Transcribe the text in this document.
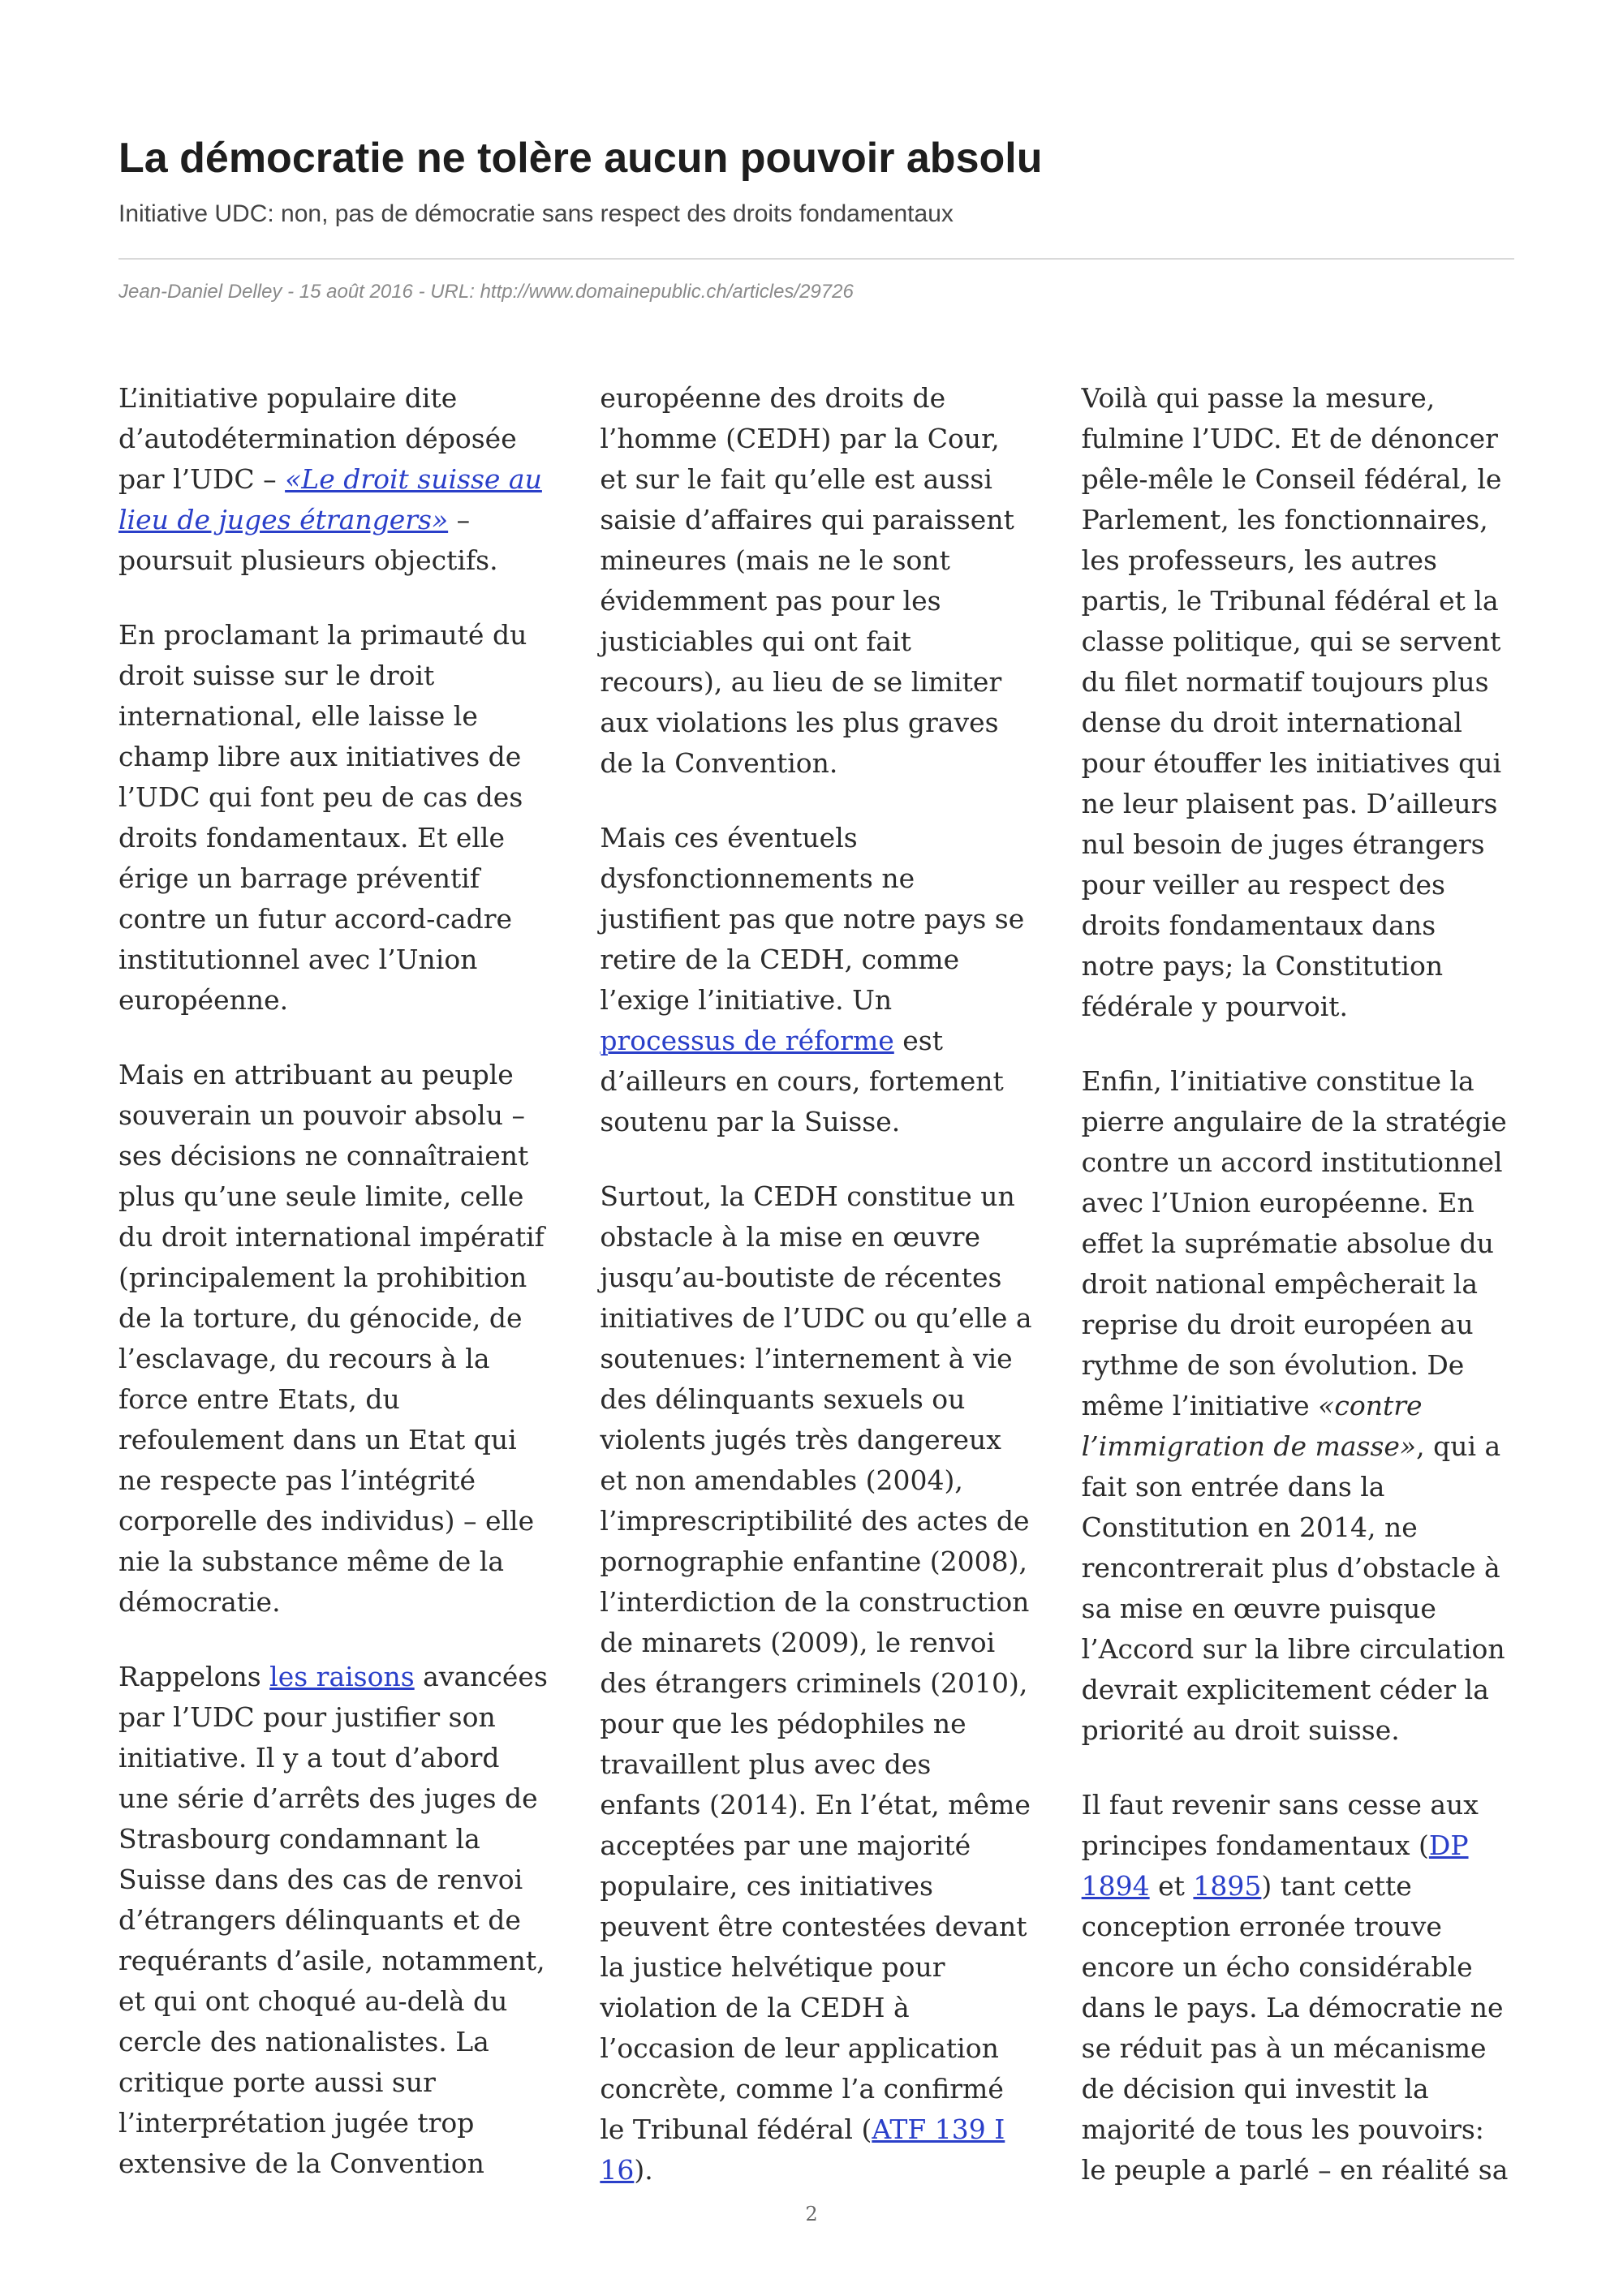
La démocratie ne tolère aucun pouvoir absolu
Initiative UDC: non, pas de démocratie sans respect des droits fondamentaux
Jean-Daniel Delley - 15 août 2016 - URL: http://www.domainepublic.ch/articles/29726

L’initiative populaire dite d’autodétermination déposée par l’UDC – «Le droit suisse au lieu de juges étrangers» – poursuit plusieurs objectifs.

En proclamant la primauté du droit suisse sur le droit international, elle laisse le champ libre aux initiatives de l’UDC qui font peu de cas des droits fondamentaux. Et elle érige un barrage préventif contre un futur accord-cadre institutionnel avec l’Union européenne.

Mais en attribuant au peuple souverain un pouvoir absolu – ses décisions ne connaîtraient plus qu’une seule limite, celle du droit international impératif (principalement la prohibition de la torture, du génocide, de l’esclavage, du recours à la force entre Etats, du refoulement dans un Etat qui ne respecte pas l’intégrité corporelle des individus) – elle nie la substance même de la démocratie.

Rappelons les raisons avancées par l’UDC pour justifier son initiative. Il y a tout d’abord une série d’arrêts des juges de Strasbourg condamnant la Suisse dans des cas de renvoi d’étrangers délinquants et de requérants d’asile, notamment, et qui ont choqué au-delà du cercle des nationalistes. La critique porte aussi sur l’interprétation jugée trop extensive de la Convention européenne des droits de l’homme (CEDH) par la Cour, et sur le fait qu’elle est aussi saisie d’affaires qui paraissent mineures (mais ne le sont évidemment pas pour les justiciables qui ont fait recours), au lieu de se limiter aux violations les plus graves de la Convention.

Mais ces éventuels dysfonctionnements ne justifient pas que notre pays se retire de la CEDH, comme l’exige l’initiative. Un processus de réforme est d’ailleurs en cours, fortement soutenu par la Suisse.

Surtout, la CEDH constitue un obstacle à la mise en œuvre jusqu’au-boutiste de récentes initiatives de l’UDC ou qu’elle a soutenues: l’internement à vie des délinquants sexuels ou violents jugés très dangereux et non amendables (2004), l’imprescriptibilité des actes de pornographie enfantine (2008), l’interdiction de la construction de minarets (2009), le renvoi des étrangers criminels (2010), pour que les pédophiles ne travaillent plus avec des enfants (2014). En l’état, même acceptées par une majorité populaire, ces initiatives peuvent être contestées devant la justice helvétique pour violation de la CEDH à l’occasion de leur application concrète, comme l’a confirmé le Tribunal fédéral (ATF 139 I 16).

Voilà qui passe la mesure, fulmine l’UDC. Et de dénoncer pêle-mêle le Conseil fédéral, le Parlement, les fonctionnaires, les professeurs, les autres partis, le Tribunal fédéral et la classe politique, qui se servent du filet normatif toujours plus dense du droit international pour étouffer les initiatives qui ne leur plaisent pas. D’ailleurs nul besoin de juges étrangers pour veiller au respect des droits fondamentaux dans notre pays; la Constitution fédérale y pourvoit.

Enfin, l’initiative constitue la pierre angulaire de la stratégie contre un accord institutionnel avec l’Union européenne. En effet la suprématie absolue du droit national empêcherait la reprise du droit européen au rythme de son évolution. De même l’initiative «contre l’immigration de masse», qui a fait son entrée dans la Constitution en 2014, ne rencontrerait plus d’obstacle à sa mise en œuvre puisque l’Accord sur la libre circulation devrait explicitement céder la priorité au droit suisse.

Il faut revenir sans cesse aux principes fondamentaux (DP 1894 et 1895) tant cette conception erronée trouve encore un écho considérable dans le pays. La démocratie ne se réduit pas à un mécanisme de décision qui investit la majorité de tous les pouvoirs: le peuple a parlé – en réalité sa

2
